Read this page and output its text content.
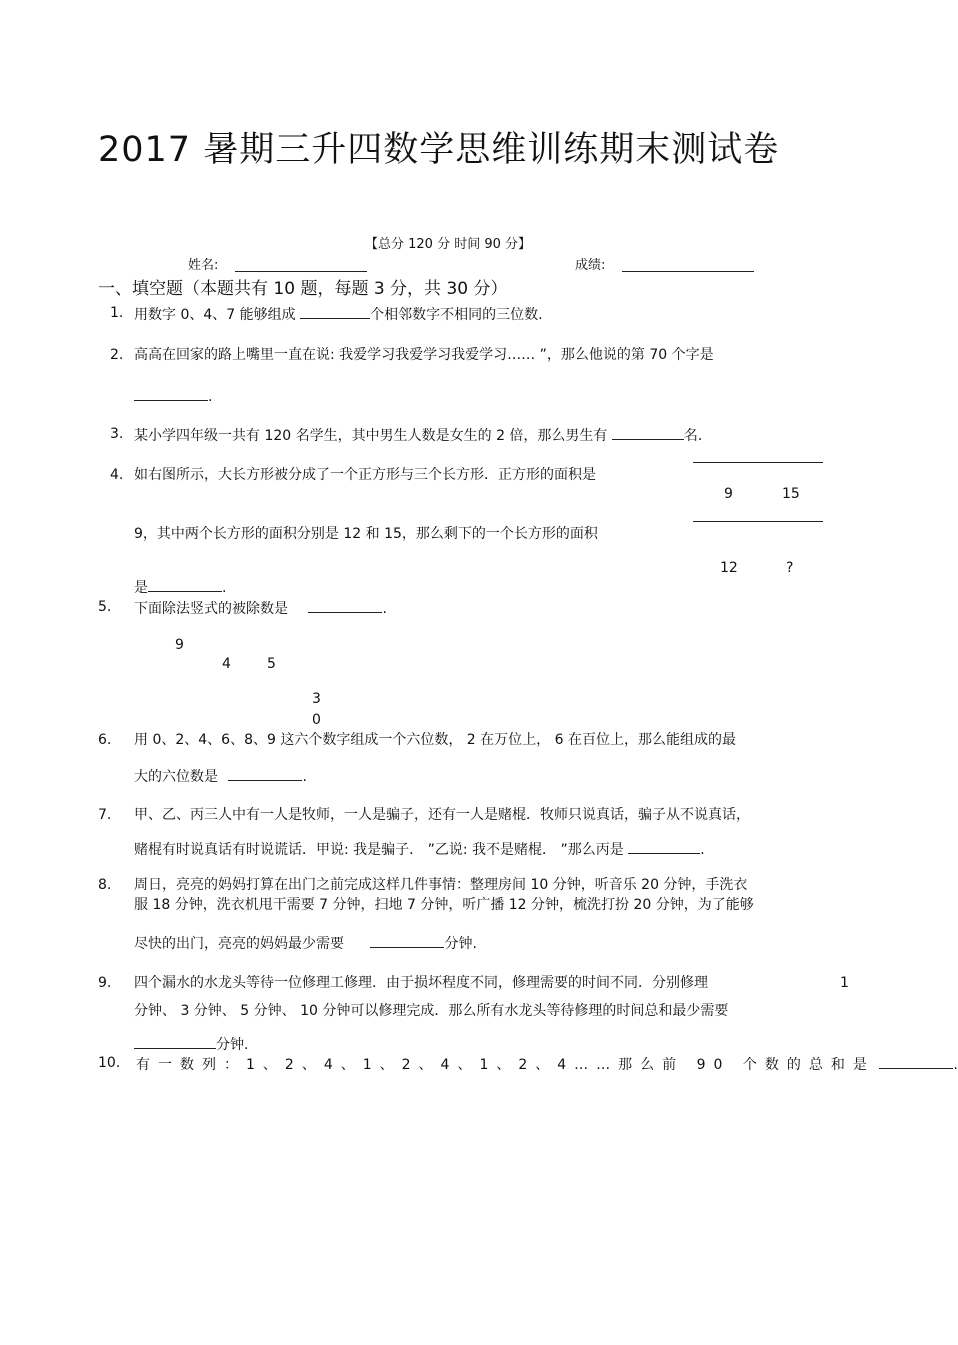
2017 暑期三升四数学思维训练期末测试卷
【总分 120 分 时间 90 分】
姓名:	成绩:
一、填空题（本题共有 10 题，每题 3 分，共 30 分）
1. 用数字 0、4、7 能够组成	个相邻数字不相同的三位数.
2. 高高在回家的路上嘴里一直在说: 我爱学习我爱学习我爱学习…… ”，那么他说的第 70 个字是
.
3. 某小学四年级一共有 120 名学生，其中男生人数是女生的 2 倍，那么男生有	名.
4. 如右图所示，大长方形被分成了一个正方形与三个长方形．正方形的面积是
9，其中两个长方形的面积分别是 12 和 15，那么剩下的一个长方形的面积
是	.
9	15
12	?
5. 下面除法竖式的被除数是	.
9
4	5
3
0
6. 用 0、2、4、6、8、9 这六个数字组成一个六位数， 2 在万位上， 6 在百位上，那么能组成的最
大的六位数是	.
7. 甲、乙、丙三人中有一人是牧师，一人是骗子，还有一人是赌棍．牧师只说真话，骗子从不说真话，
赌棍有时说真话有时说谎话．甲说: 我是骗子． ”乙说: 我不是赌棍． ”那么丙是	.
8. 周日，亮亮的妈妈打算在出门之前完成这样几件事情：整理房间 10 分钟，听音乐 20 分钟，手洗衣
服 18 分钟，洗衣机甩干需要 7 分钟，扫地 7 分钟，听广播 12 分钟，梳洗打扮 20 分钟，为了能够
尽快的出门，亮亮的妈妈最少需要	分钟.
9. 四个漏水的水龙头等待一位修理工修理．由于损坏程度不同，修理需要的时间不同．分别修理	1
分钟、 3 分钟、 5 分钟、 10 分钟可以修理完成．那么所有水龙头等待修理的时间总和最少需要
分钟.
10. 有一数列：1、2、4、1、2、4、1、2、4……那么前 90 个数的总和是	.
